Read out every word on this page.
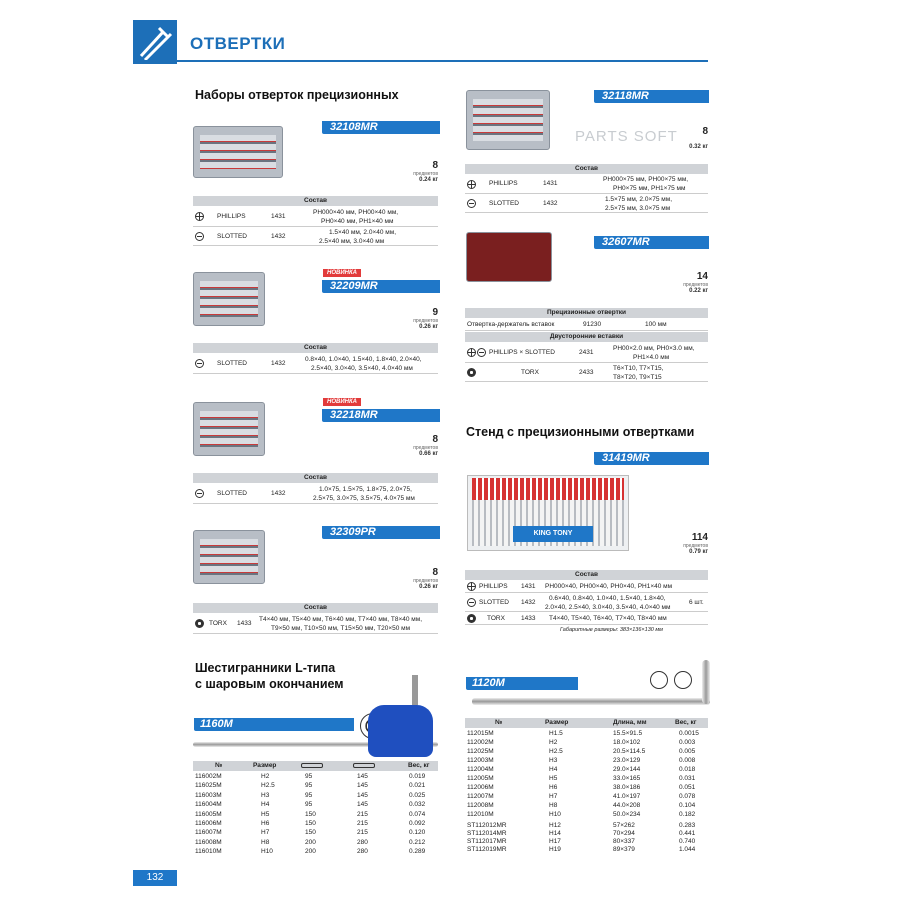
ОТВЕРТКИ
PARTS SOFT
Наборы отверток прецизионных
32108MR
8
предметов
0.24 кг
Состав
PHILLIPS	1431
PH000×40 мм, PH00×40 мм,
PH0×40 мм, PH1×40 мм
SLOTTED	1432
1.5×40 мм, 2.0×40 мм,
2.5×40 мм, 3.0×40 мм
НОВИНКА
32209MR
9
предметов
0.26 кг
Состав
SLOTTED	1432
0.8×40, 1.0×40, 1.5×40, 1.8×40, 2.0×40,
2.5×40, 3.0×40, 3.5×40, 4.0×40 мм
НОВИНКА
32218MR
8
предметов
0.66 кг
Состав
SLOTTED	1432
1.0×75, 1.5×75, 1.8×75, 2.0×75,
2.5×75, 3.0×75, 3.5×75, 4.0×75 мм
32309PR
8
предметов
0.26 кг
Состав
TORX 1433
T4×40 мм, T5×40 мм, T6×40 мм, T7×40 мм, T8×40 мм,
T9×50 мм, T10×50 мм, T15×50 мм, T20×50 мм
32118MR
8
0.32 кг
Состав
PHILLIPS	1431
PH000×75 мм, PH00×75 мм,
PH0×75 мм, PH1×75 мм
SLOTTED	1432
1.5×75 мм, 2.0×75 мм,
2.5×75 мм, 3.0×75 мм
32607MR
14
предметов
0.22 кг
Прецизионные отвертки
Отвертка-держатель вставок	91230	100 мм
Двусторонние вставки
PHILLIPS × SLOTTED	2431
PH00×2.0 мм, PH0×3.0 мм,
PH1×4.0 мм
TORX	2433
T6×T10, T7×T15,
T8×T20, T9×T15
Стенд с прецизионными отвертками
31419MR
KING TONY	114
предметов
0.79 кг
Состав
PHILLIPS 1431 PH000×40, PH00×40, PH0×40, PH1×40 мм
SLOTTED 1432
0.6×40, 0.8×40, 1.0×40, 1.5×40, 1.8×40,
2.0×40, 2.5×40, 3.0×40, 3.5×40, 4.0×40 мм
6 шт.
TORX 1433 T4×40, T5×40, T6×40, T7×40, T8×40 мм
Габаритные размеры: 383×136×130 мм
Шестигранники L-типа
с шаровым окончанием
1160M
№	Размер	Вес, кг
116002M	H2	95	145	0.019
116025M	H2.5	95	145	0.021
116003M	H3	95	145	0.025
116004M	H4	95	145	0.032
116005M	H5	150	215	0.074
116006M	H6	150	215	0.092
116007M	H7	150	215	0.120
116008M	H8	200	280	0.212
116010M	H10	200	280	0.289
1120M
№	Размер	Длина, мм	Вес, кг
112015M	H1.5	15.5×91.5	0.0015
112002M	H2	18.0×102	0.003
112025M	H2.5	20.5×114.5	0.005
112003M	H3	23.0×129	0.008
112004M	H4	29.0×144	0.018
112005M	H5	33.0×165	0.031
112006M	H6	38.0×186	0.051
112007M	H7	41.0×197	0.078
112008M	H8	44.0×208	0.104
112010M	H10	50.0×234	0.182
ST112012MR	H12	57×262	0.283
ST112014MR	H14	70×294	0.441
ST112017MR	H17	80×337	0.740
ST112019MR	H19	89×379	1.044
132
